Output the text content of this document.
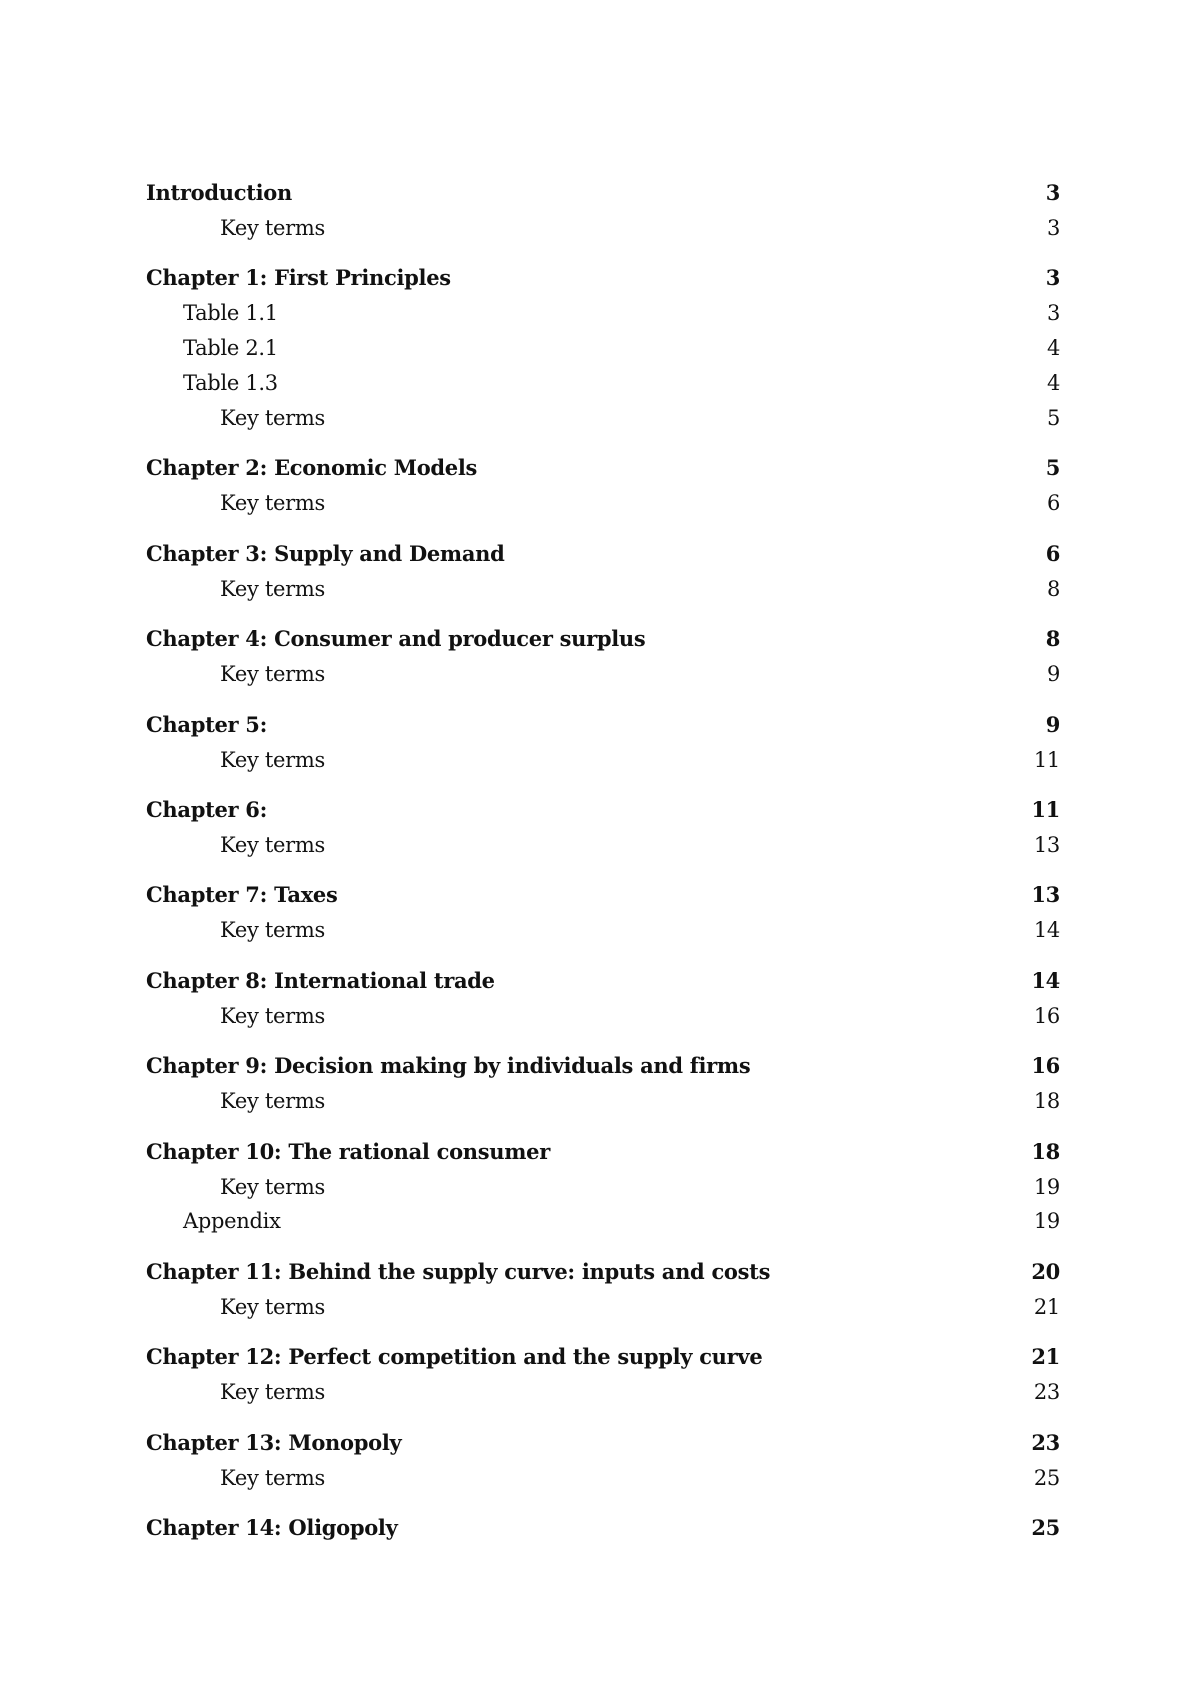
Introduction	3
Key terms	3
Chapter 1: First Principles	3
Table 1.1	3
Table 2.1	4
Table 1.3	4
Key terms	5
Chapter 2: Economic Models	5
Key terms	6
Chapter 3: Supply and Demand	6
Key terms	8
Chapter 4: Consumer and producer surplus	8
Key terms	9
Chapter 5:	9
Key terms	11
Chapter 6:	11
Key terms	13
Chapter 7: Taxes	13
Key terms	14
Chapter 8: International trade	14
Key terms	16
Chapter 9: Decision making by individuals and firms	16
Key terms	18
Chapter 10: The rational consumer	18
Key terms	19
Appendix	19
Chapter 11: Behind the supply curve: inputs and costs	20
Key terms	21
Chapter 12: Perfect competition and the supply curve	21
Key terms	23
Chapter 13: Monopoly	23
Key terms	25
Chapter 14: Oligopoly	25
